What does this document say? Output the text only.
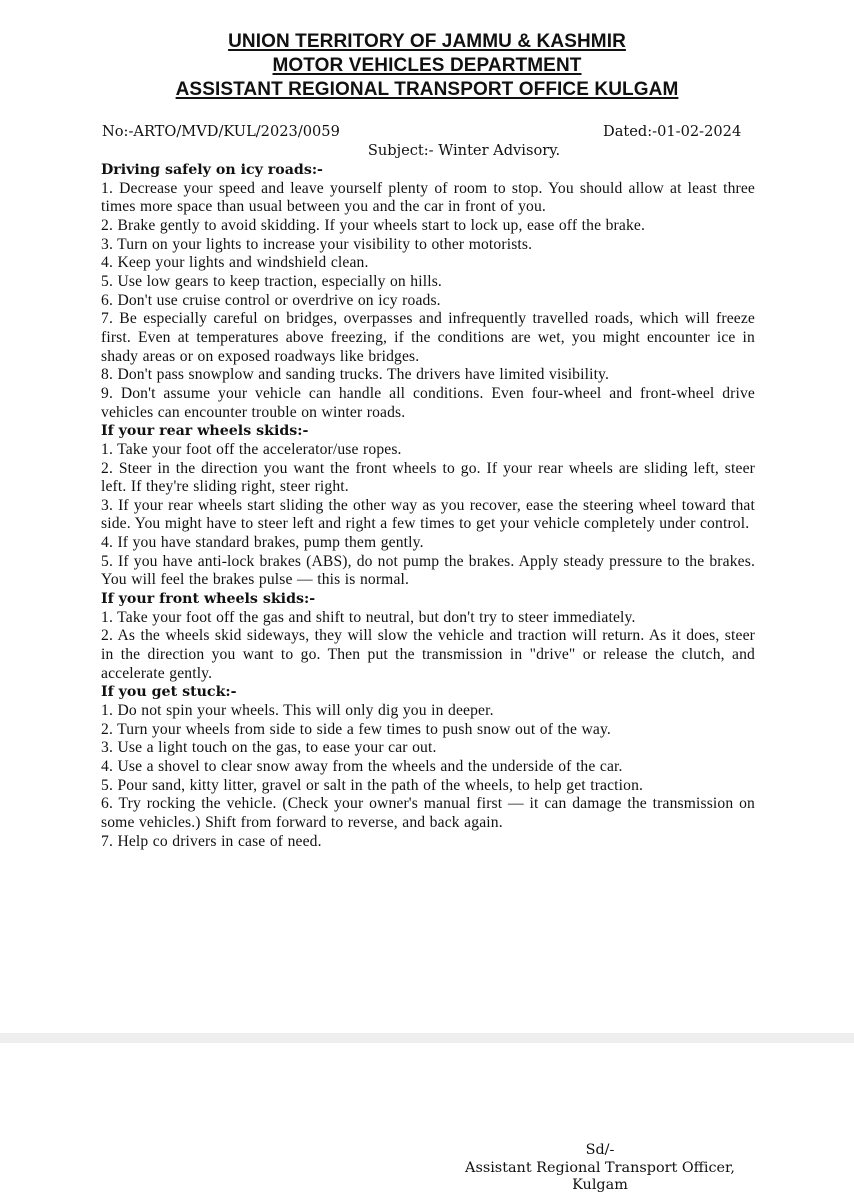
UNION TERRITORY OF JAMMU & KASHMIR
MOTOR VEHICLES DEPARTMENT
ASSISTANT REGIONAL TRANSPORT OFFICE KULGAM
No:-ARTO/MVD/KUL/2023/0059	Dated:-01-02-2024
Subject:- Winter Advisory.
Driving safely on icy roads:-
1. Decrease your speed and leave yourself plenty of room to stop. You should allow at least three times more space than usual between you and the car in front of you.
2. Brake gently to avoid skidding. If your wheels start to lock up, ease off the brake.
3. Turn on your lights to increase your visibility to other motorists.
4. Keep your lights and windshield clean.
5. Use low gears to keep traction, especially on hills.
6. Don't use cruise control or overdrive on icy roads.
7. Be especially careful on bridges, overpasses and infrequently travelled roads, which will freeze first. Even at temperatures above freezing, if the conditions are wet, you might encounter ice in shady areas or on exposed roadways like bridges.
8. Don't pass snowplow and sanding trucks. The drivers have limited visibility.
9. Don't assume your vehicle can handle all conditions. Even four-wheel and front-wheel drive vehicles can encounter trouble on winter roads.
If your rear wheels skids:-
1. Take your foot off the accelerator/use ropes.
2. Steer in the direction you want the front wheels to go. If your rear wheels are sliding left, steer left. If they're sliding right, steer right.
3. If your rear wheels start sliding the other way as you recover, ease the steering wheel toward that side. You might have to steer left and right a few times to get your vehicle completely under control.
4. If you have standard brakes, pump them gently.
5. If you have anti-lock brakes (ABS), do not pump the brakes. Apply steady pressure to the brakes. You will feel the brakes pulse — this is normal.
If your front wheels skids:-
1. Take your foot off the gas and shift to neutral, but don't try to steer immediately.
2. As the wheels skid sideways, they will slow the vehicle and traction will return. As it does, steer in the direction you want to go. Then put the transmission in "drive" or release the clutch, and accelerate gently.
If you get stuck:-
1. Do not spin your wheels. This will only dig you in deeper.
2. Turn your wheels from side to side a few times to push snow out of the way.
3. Use a light touch on the gas, to ease your car out.
4. Use a shovel to clear snow away from the wheels and the underside of the car.
5. Pour sand, kitty litter, gravel or salt in the path of the wheels, to help get traction.
6. Try rocking the vehicle. (Check your owner's manual first — it can damage the transmission on some vehicles.) Shift from forward to reverse, and back again.
7. Help co drivers in case of need.
Sd/-
Assistant Regional Transport Officer,
Kulgam
